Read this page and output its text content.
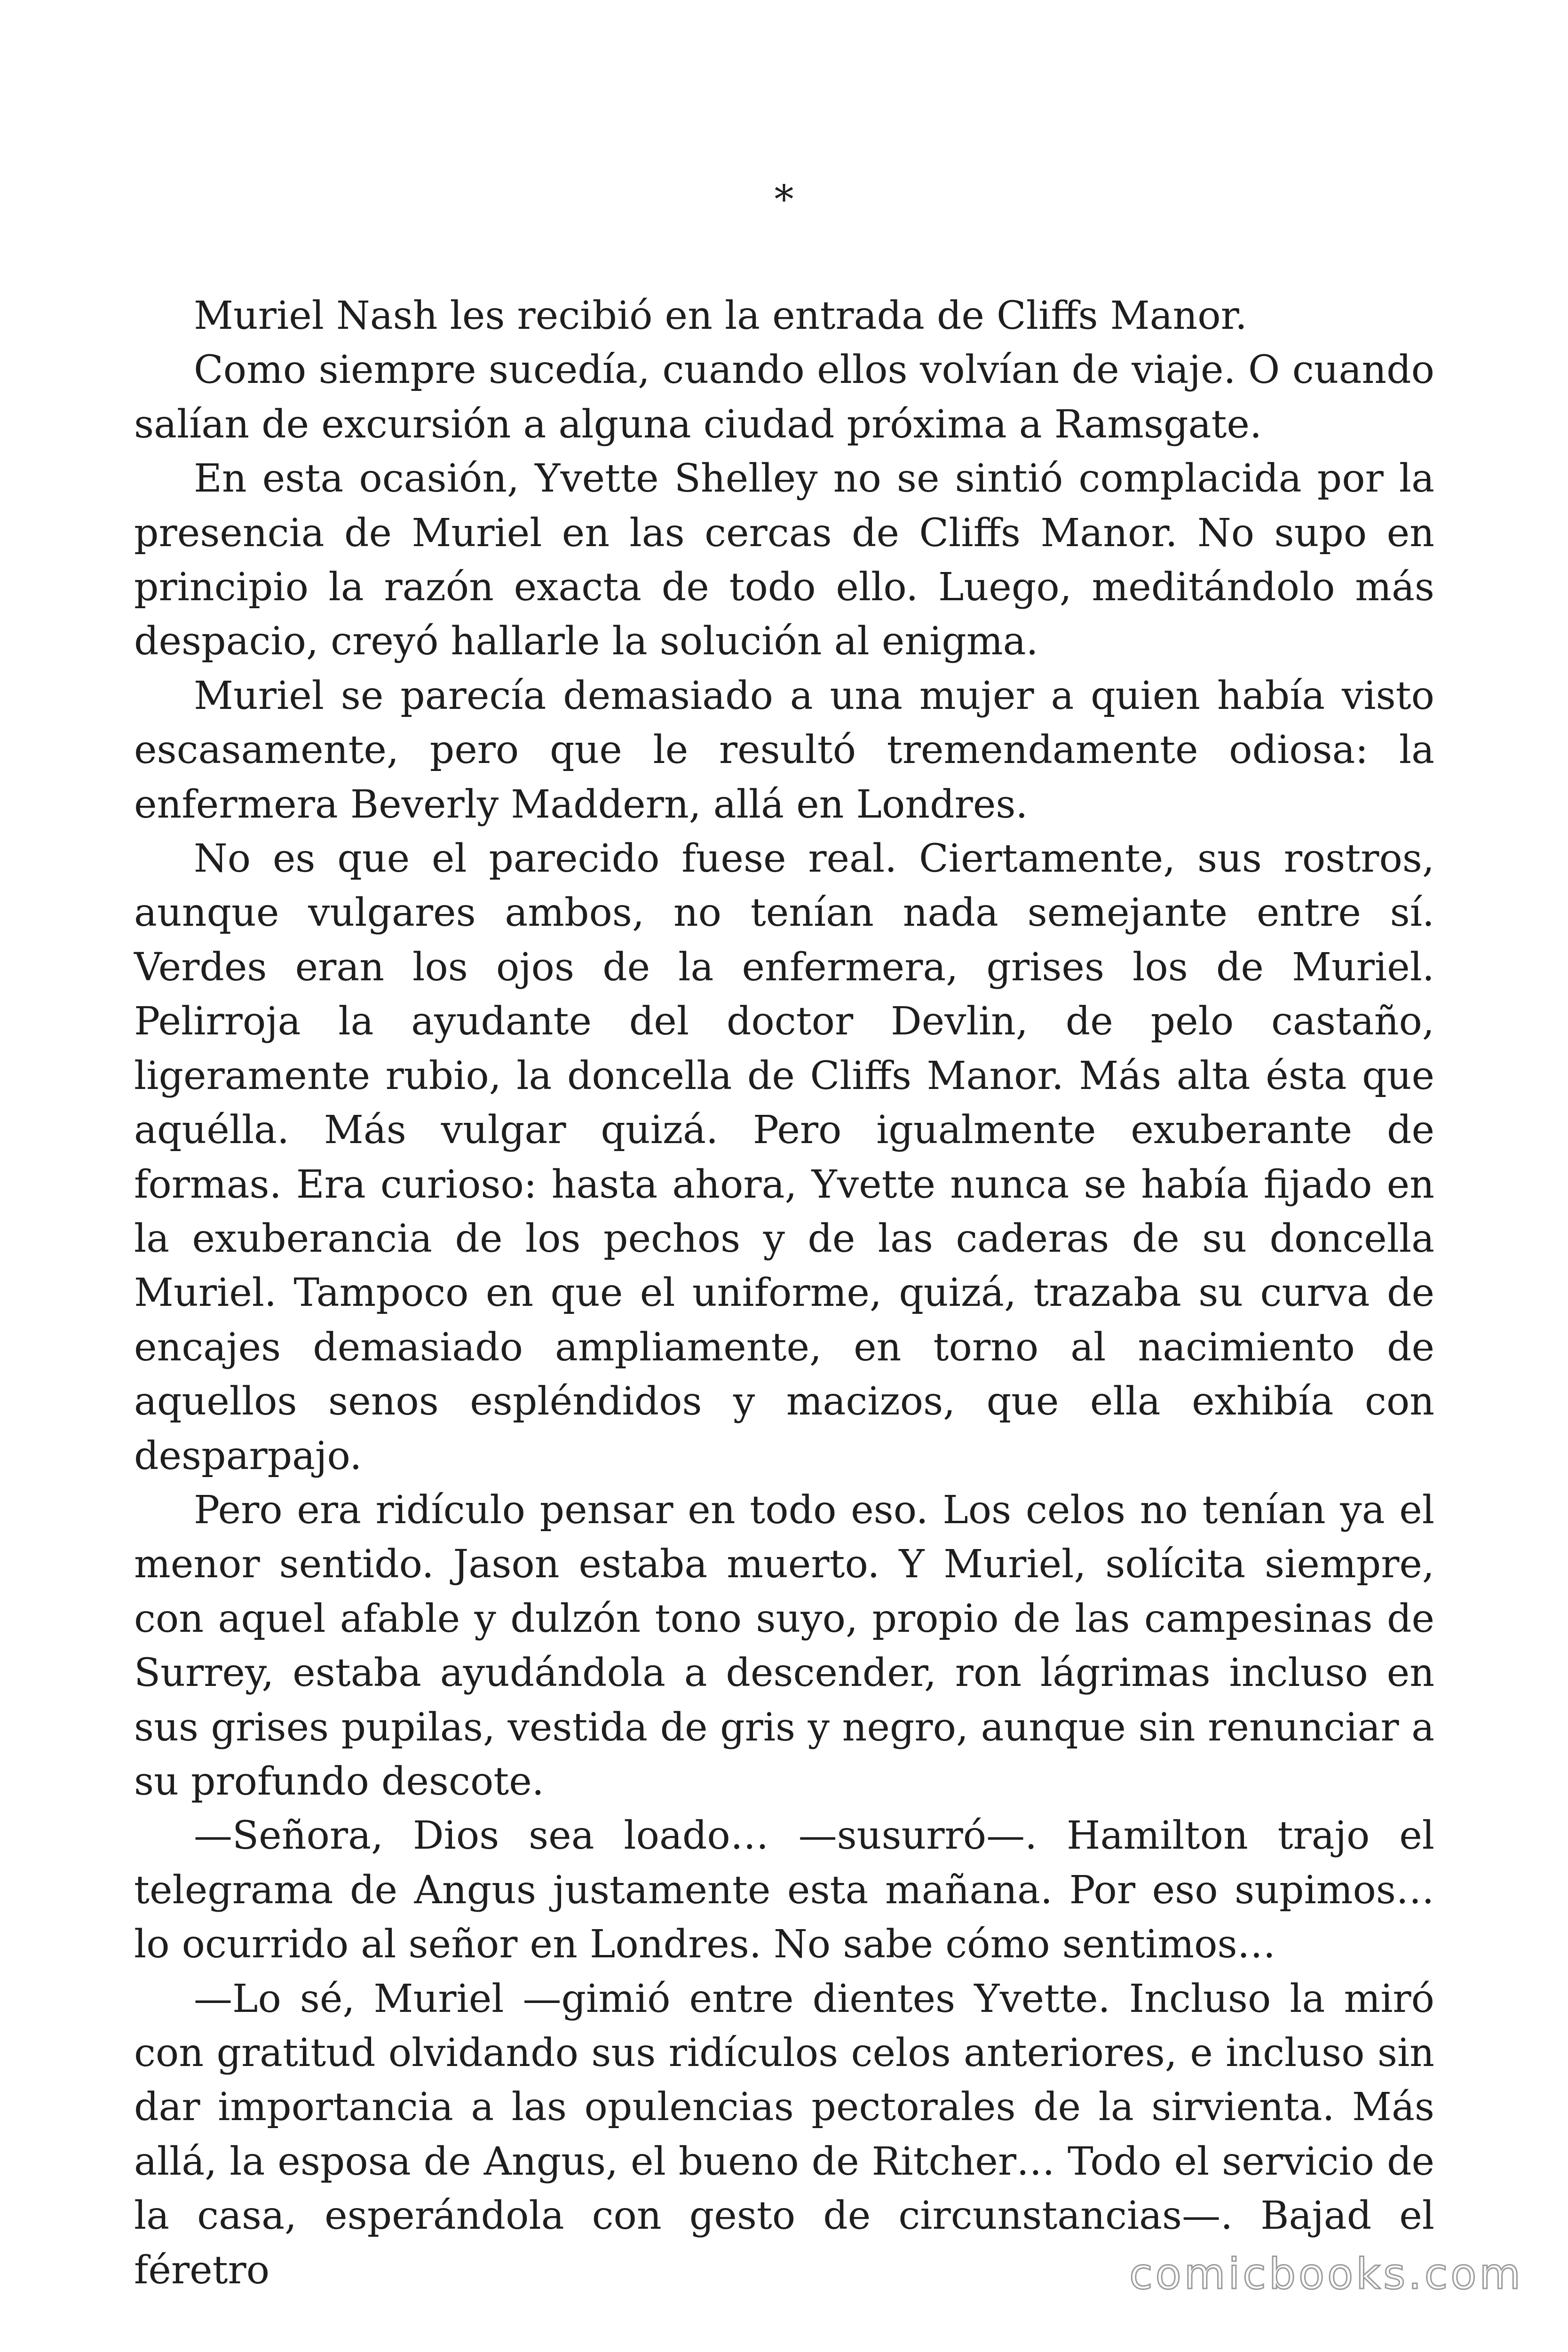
*

Muriel Nash les recibió en la entrada de Cliffs Manor.

Como siempre sucedía, cuando ellos volvían de viaje. O cuando salían de excursión a alguna ciudad próxima a Ramsgate.

En esta ocasión, Yvette Shelley no se sintió complacida por la presencia de Muriel en las cercas de Cliffs Manor. No supo en principio la razón exacta de todo ello. Luego, meditándolo más despacio, creyó hallarle la solución al enigma.

Muriel se parecía demasiado a una mujer a quien había visto escasamente, pero que le resultó tremendamente odiosa: la enfermera Beverly Maddern, allá en Londres.

No es que el parecido fuese real. Ciertamente, sus rostros, aunque vulgares ambos, no tenían nada semejante entre sí. Verdes eran los ojos de la enfermera, grises los de Muriel. Pelirroja la ayudante del doctor Devlin, de pelo castaño, ligeramente rubio, la doncella de Cliffs Manor. Más alta ésta que aquélla. Más vulgar quizá. Pero igualmente exuberante de formas. Era curioso: hasta ahora, Yvette nunca se había fijado en la exuberancia de los pechos y de las caderas de su doncella Muriel. Tampoco en que el uniforme, quizá, trazaba su curva de encajes demasiado ampliamente, en torno al nacimiento de aquellos senos espléndidos y macizos, que ella exhibía con desparpajo.

Pero era ridículo pensar en todo eso. Los celos no tenían ya el menor sentido. Jason estaba muerto. Y Muriel, solícita siempre, con aquel afable y dulzón tono suyo, propio de las campesinas de Surrey, estaba ayudándola a descender, ron lágrimas incluso en sus grises pupilas, vestida de gris y negro, aunque sin renunciar a su profundo descote.

—Señora, Dios sea loado… —susurró—. Hamilton trajo el telegrama de Angus justamente esta mañana. Por eso supimos… lo ocurrido al señor en Londres. No sabe cómo sentimos…

—Lo sé, Muriel —gimió entre dientes Yvette. Incluso la miró con gratitud olvidando sus ridículos celos anteriores, e incluso sin dar importancia a las opulencias pectorales de la sirvienta. Más allá, la esposa de Angus, el bueno de Ritcher… Todo el servicio de la casa, esperándola con gesto de circunstancias—. Bajad el féretro	comicbooks.com
